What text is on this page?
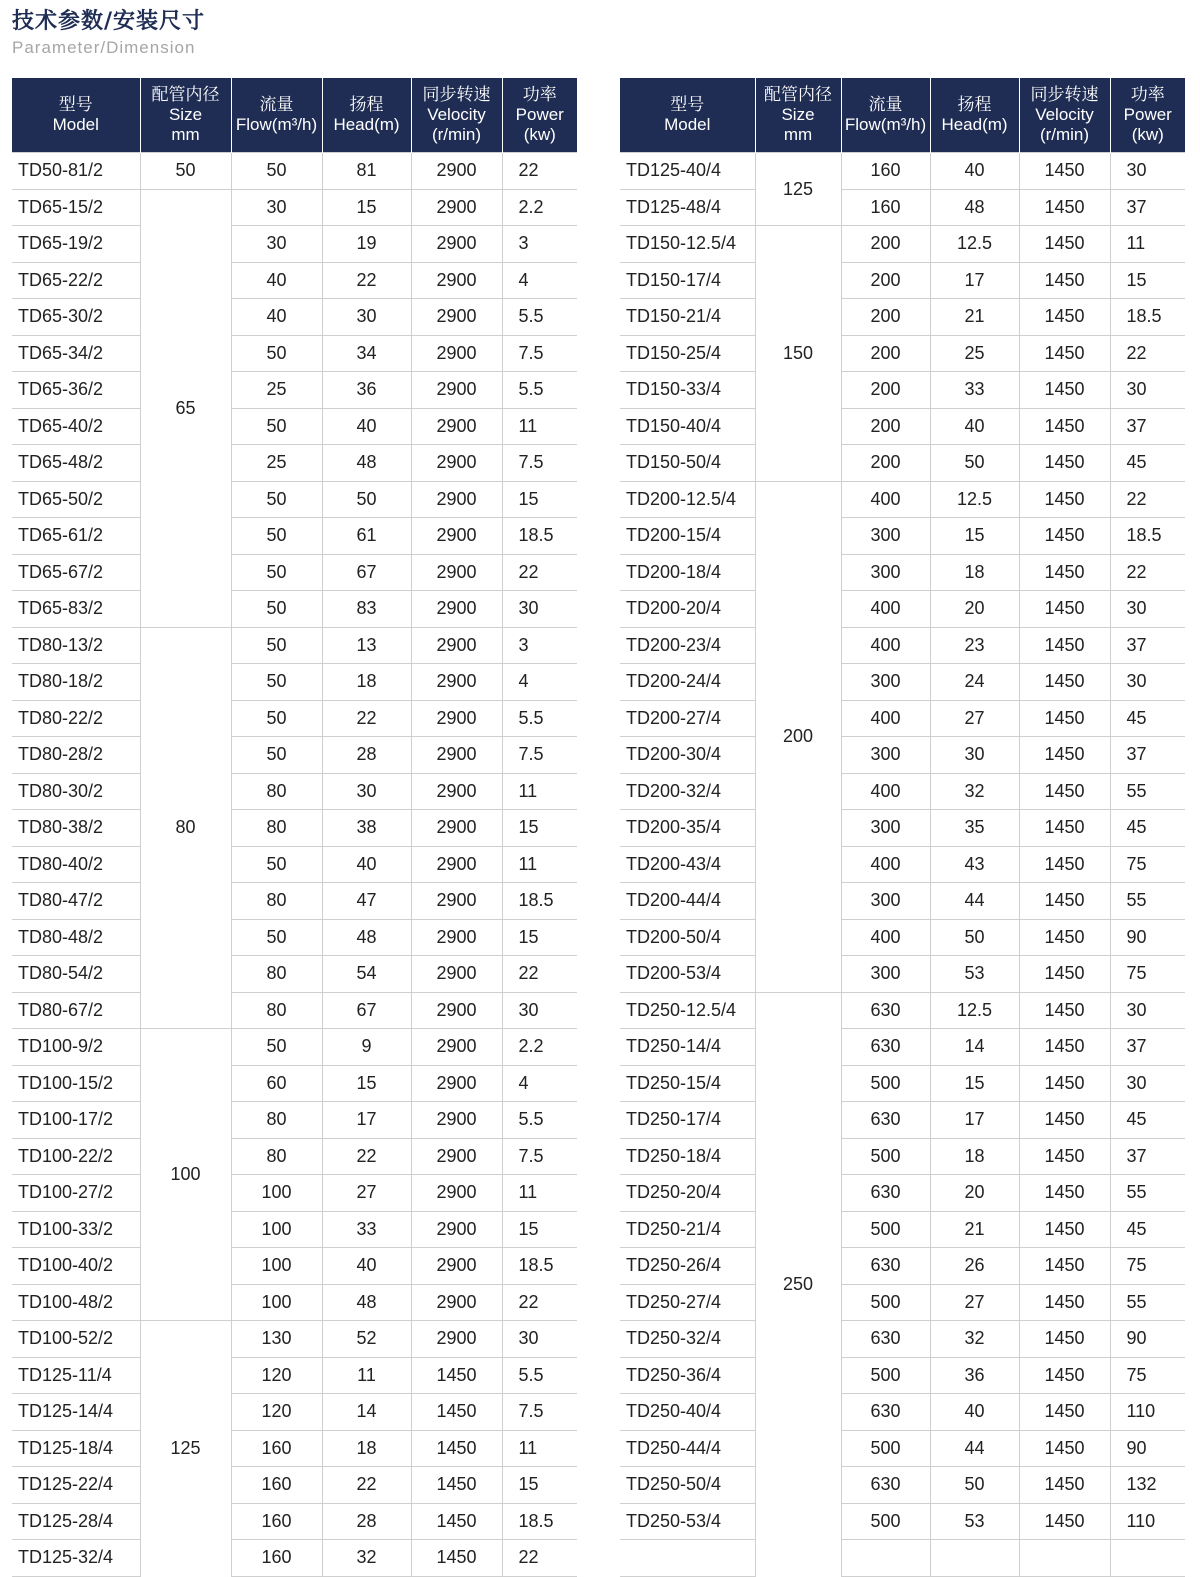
技术参数/安装尺寸

Parameter/Dimension

型号
Model	配管内径
Size
mm	流量
Flow(m³/h)	扬程
Head(m)	同步转速
Velocity
(r/min)	功率
Power
(kw)

TD50-81/2	50	50	81	2900	22
TD65-15/2	65	30	15	2900	2.2
TD65-19/2		30	19	2900	3
TD65-22/2		40	22	2900	4
TD65-30/2		40	30	2900	5.5
TD65-34/2		50	34	2900	7.5
TD65-36/2		25	36	2900	5.5
TD65-40/2		50	40	2900	11
TD65-48/2		25	48	2900	7.5
TD65-50/2		50	50	2900	15
TD65-61/2		50	61	2900	18.5
TD65-67/2		50	67	2900	22
TD65-83/2		50	83	2900	30
TD80-13/2	80	50	13	2900	3
TD80-18/2		50	18	2900	4
TD80-22/2		50	22	2900	5.5
TD80-28/2		50	28	2900	7.5
TD80-30/2		80	30	2900	11
TD80-38/2		80	38	2900	15
TD80-40/2		50	40	2900	11
TD80-47/2		80	47	2900	18.5
TD80-48/2		50	48	2900	15
TD80-54/2		80	54	2900	22
TD80-67/2		80	67	2900	30
TD100-9/2	100	50	9	2900	2.2
TD100-15/2		60	15	2900	4
TD100-17/2		80	17	2900	5.5
TD100-22/2		80	22	2900	7.5
TD100-27/2		100	27	2900	11
TD100-33/2		100	33	2900	15
TD100-40/2		100	40	2900	18.5
TD100-48/2		100	48	2900	22
TD100-52/2	125	130	52	2900	30
TD125-11/4		120	11	1450	5.5
TD125-14/4		120	14	1450	7.5
TD125-18/4		160	18	1450	11
TD125-22/4		160	22	1450	15
TD125-28/4		160	28	1450	18.5
TD125-32/4		160	32	1450	22
型号
Model	配管内径
Size
mm	流量
Flow(m³/h)	扬程
Head(m)	同步转速
Velocity
(r/min)	功率
Power
(kw)

TD125-40/4	125	160	40	1450	30
TD125-48/4		160	48	1450	37
TD150-12.5/4	150	200	12.5	1450	11
TD150-17/4		200	17	1450	15
TD150-21/4		200	21	1450	18.5
TD150-25/4		200	25	1450	22
TD150-33/4		200	33	1450	30
TD150-40/4		200	40	1450	37
TD150-50/4		200	50	1450	45
TD200-12.5/4	200	400	12.5	1450	22
TD200-15/4		300	15	1450	18.5
TD200-18/4		300	18	1450	22
TD200-20/4		400	20	1450	30
TD200-23/4		400	23	1450	37
TD200-24/4		300	24	1450	30
TD200-27/4		400	27	1450	45
TD200-30/4		300	30	1450	37
TD200-32/4		400	32	1450	55
TD200-35/4		300	35	1450	45
TD200-43/4		400	43	1450	75
TD200-44/4		300	44	1450	55
TD200-50/4		400	50	1450	90
TD200-53/4		300	53	1450	75
TD250-12.5/4	250	630	12.5	1450	30
TD250-14/4		630	14	1450	37
TD250-15/4		500	15	1450	30
TD250-17/4		630	17	1450	45
TD250-18/4		500	18	1450	37
TD250-20/4		630	20	1450	55
TD250-21/4		500	21	1450	45
TD250-26/4		630	26	1450	75
TD250-27/4		500	27	1450	55
TD250-32/4		630	32	1450	90
TD250-36/4		500	36	1450	75
TD250-40/4		630	40	1450	110
TD250-44/4		500	44	1450	90
TD250-50/4		630	50	1450	132
TD250-53/4		500	53	1450	110
